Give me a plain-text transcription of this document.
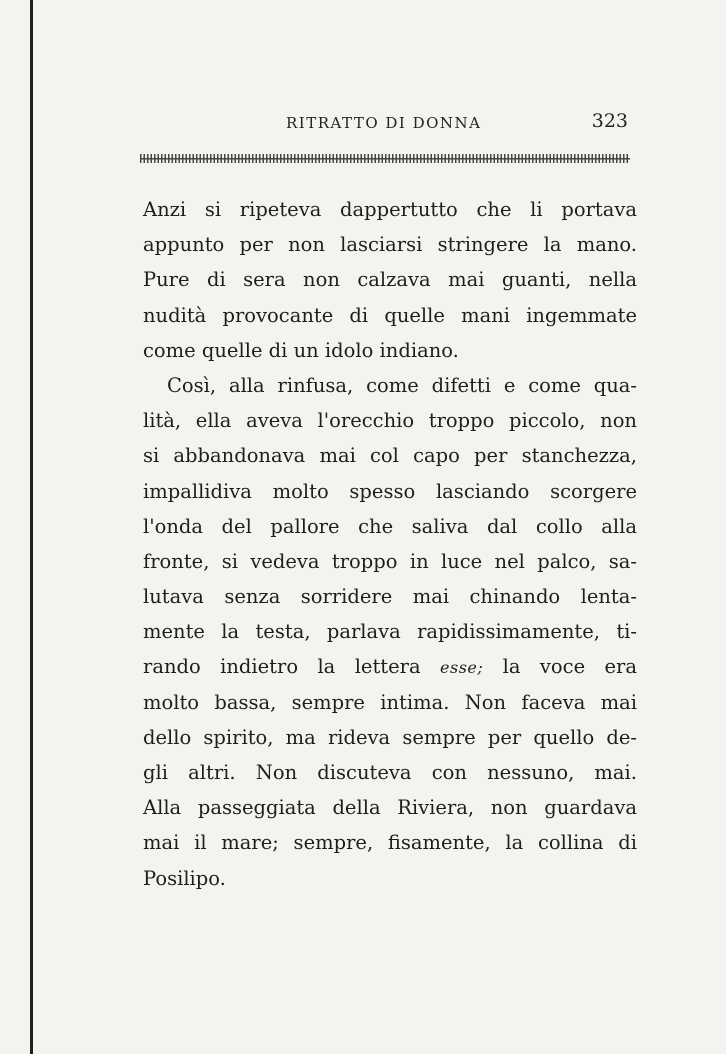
RITRATTO DI DONNA	323
Anzi si ripeteva dappertutto che li portava
appunto per non lasciarsi stringere la mano.
Pure di sera non calzava mai guanti, nella
nudità provocante di quelle mani ingemmate
come quelle di un idolo indiano.
Così, alla rinfusa, come difetti e come qua-
lità, ella aveva l'orecchio troppo piccolo, non
si abbandonava mai col capo per stanchezza,
impallidiva molto spesso lasciando scorgere
l'onda del pallore che saliva dal collo alla
fronte, si vedeva troppo in luce nel palco, sa-
lutava senza sorridere mai chinando lenta-
mente la testa, parlava rapidissimamente, ti-
rando indietro la lettera esse; la voce era
molto bassa, sempre intima. Non faceva mai
dello spirito, ma rideva sempre per quello de-
gli altri. Non discuteva con nessuno, mai.
Alla passeggiata della Riviera, non guardava
mai il mare; sempre, fisamente, la collina di
Posilipo.
